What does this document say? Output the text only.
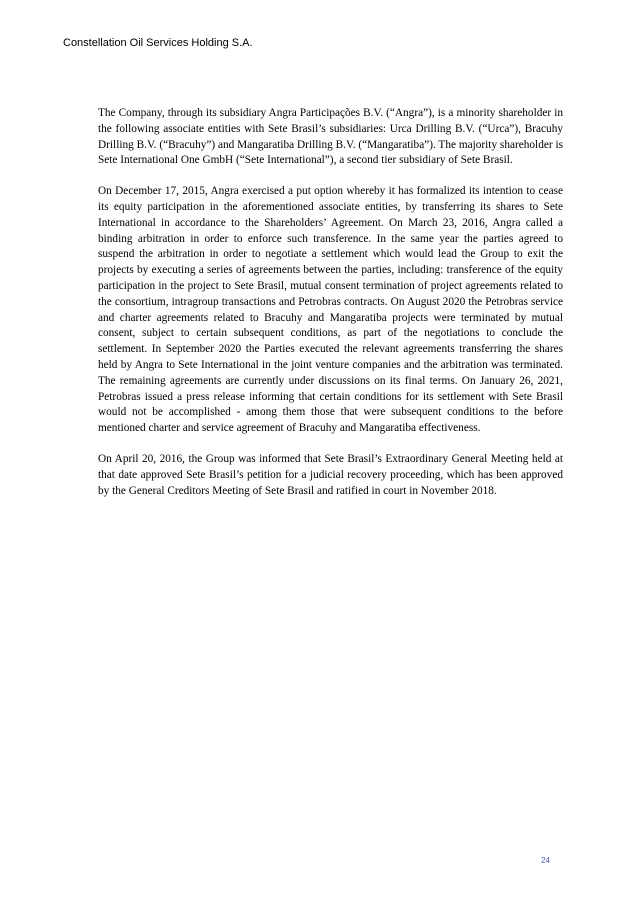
Constellation Oil Services Holding S.A.

The Company, through its subsidiary Angra Participações B.V. (“Angra”), is a minority shareholder in the following associate entities with Sete Brasil’s subsidiaries: Urca Drilling B.V. (“Urca”), Bracuhy Drilling B.V. (“Bracuhy”) and Mangaratiba Drilling B.V. (“Mangaratiba”). The majority shareholder is Sete International One GmbH (“Sete International”), a second tier subsidiary of Sete Brasil.

On December 17, 2015, Angra exercised a put option whereby it has formalized its intention to cease its equity participation in the aforementioned associate entities, by transferring its shares to Sete International in accordance to the Shareholders’ Agreement. On March 23, 2016, Angra called a binding arbitration in order to enforce such transference. In the same year the parties agreed to suspend the arbitration in order to negotiate a settlement which would lead the Group to exit the projects by executing a series of agreements between the parties, including: transference of the equity participation in the project to Sete Brasil, mutual consent termination of project agreements related to the consortium, intragroup transactions and Petrobras contracts. On August 2020 the Petrobras service and charter agreements related to Bracuhy and Mangaratiba projects were terminated by mutual consent, subject to certain subsequent conditions, as part of the negotiations to conclude the settlement. In September 2020 the Parties executed the relevant agreements transferring the shares held by Angra to Sete International in the joint venture companies and the arbitration was terminated. The remaining agreements are currently under discussions on its final terms. On January 26, 2021, Petrobras issued a press release informing that certain conditions for its settlement with Sete Brasil would not be accomplished - among them those that were subsequent conditions to the before mentioned charter and service agreement of Bracuhy and Mangaratiba effectiveness.

On April 20, 2016, the Group was informed that Sete Brasil’s Extraordinary General Meeting held at that date approved Sete Brasil’s petition for a judicial recovery proceeding, which has been approved by the General Creditors Meeting of Sete Brasil and ratified in court in November 2018.

24
